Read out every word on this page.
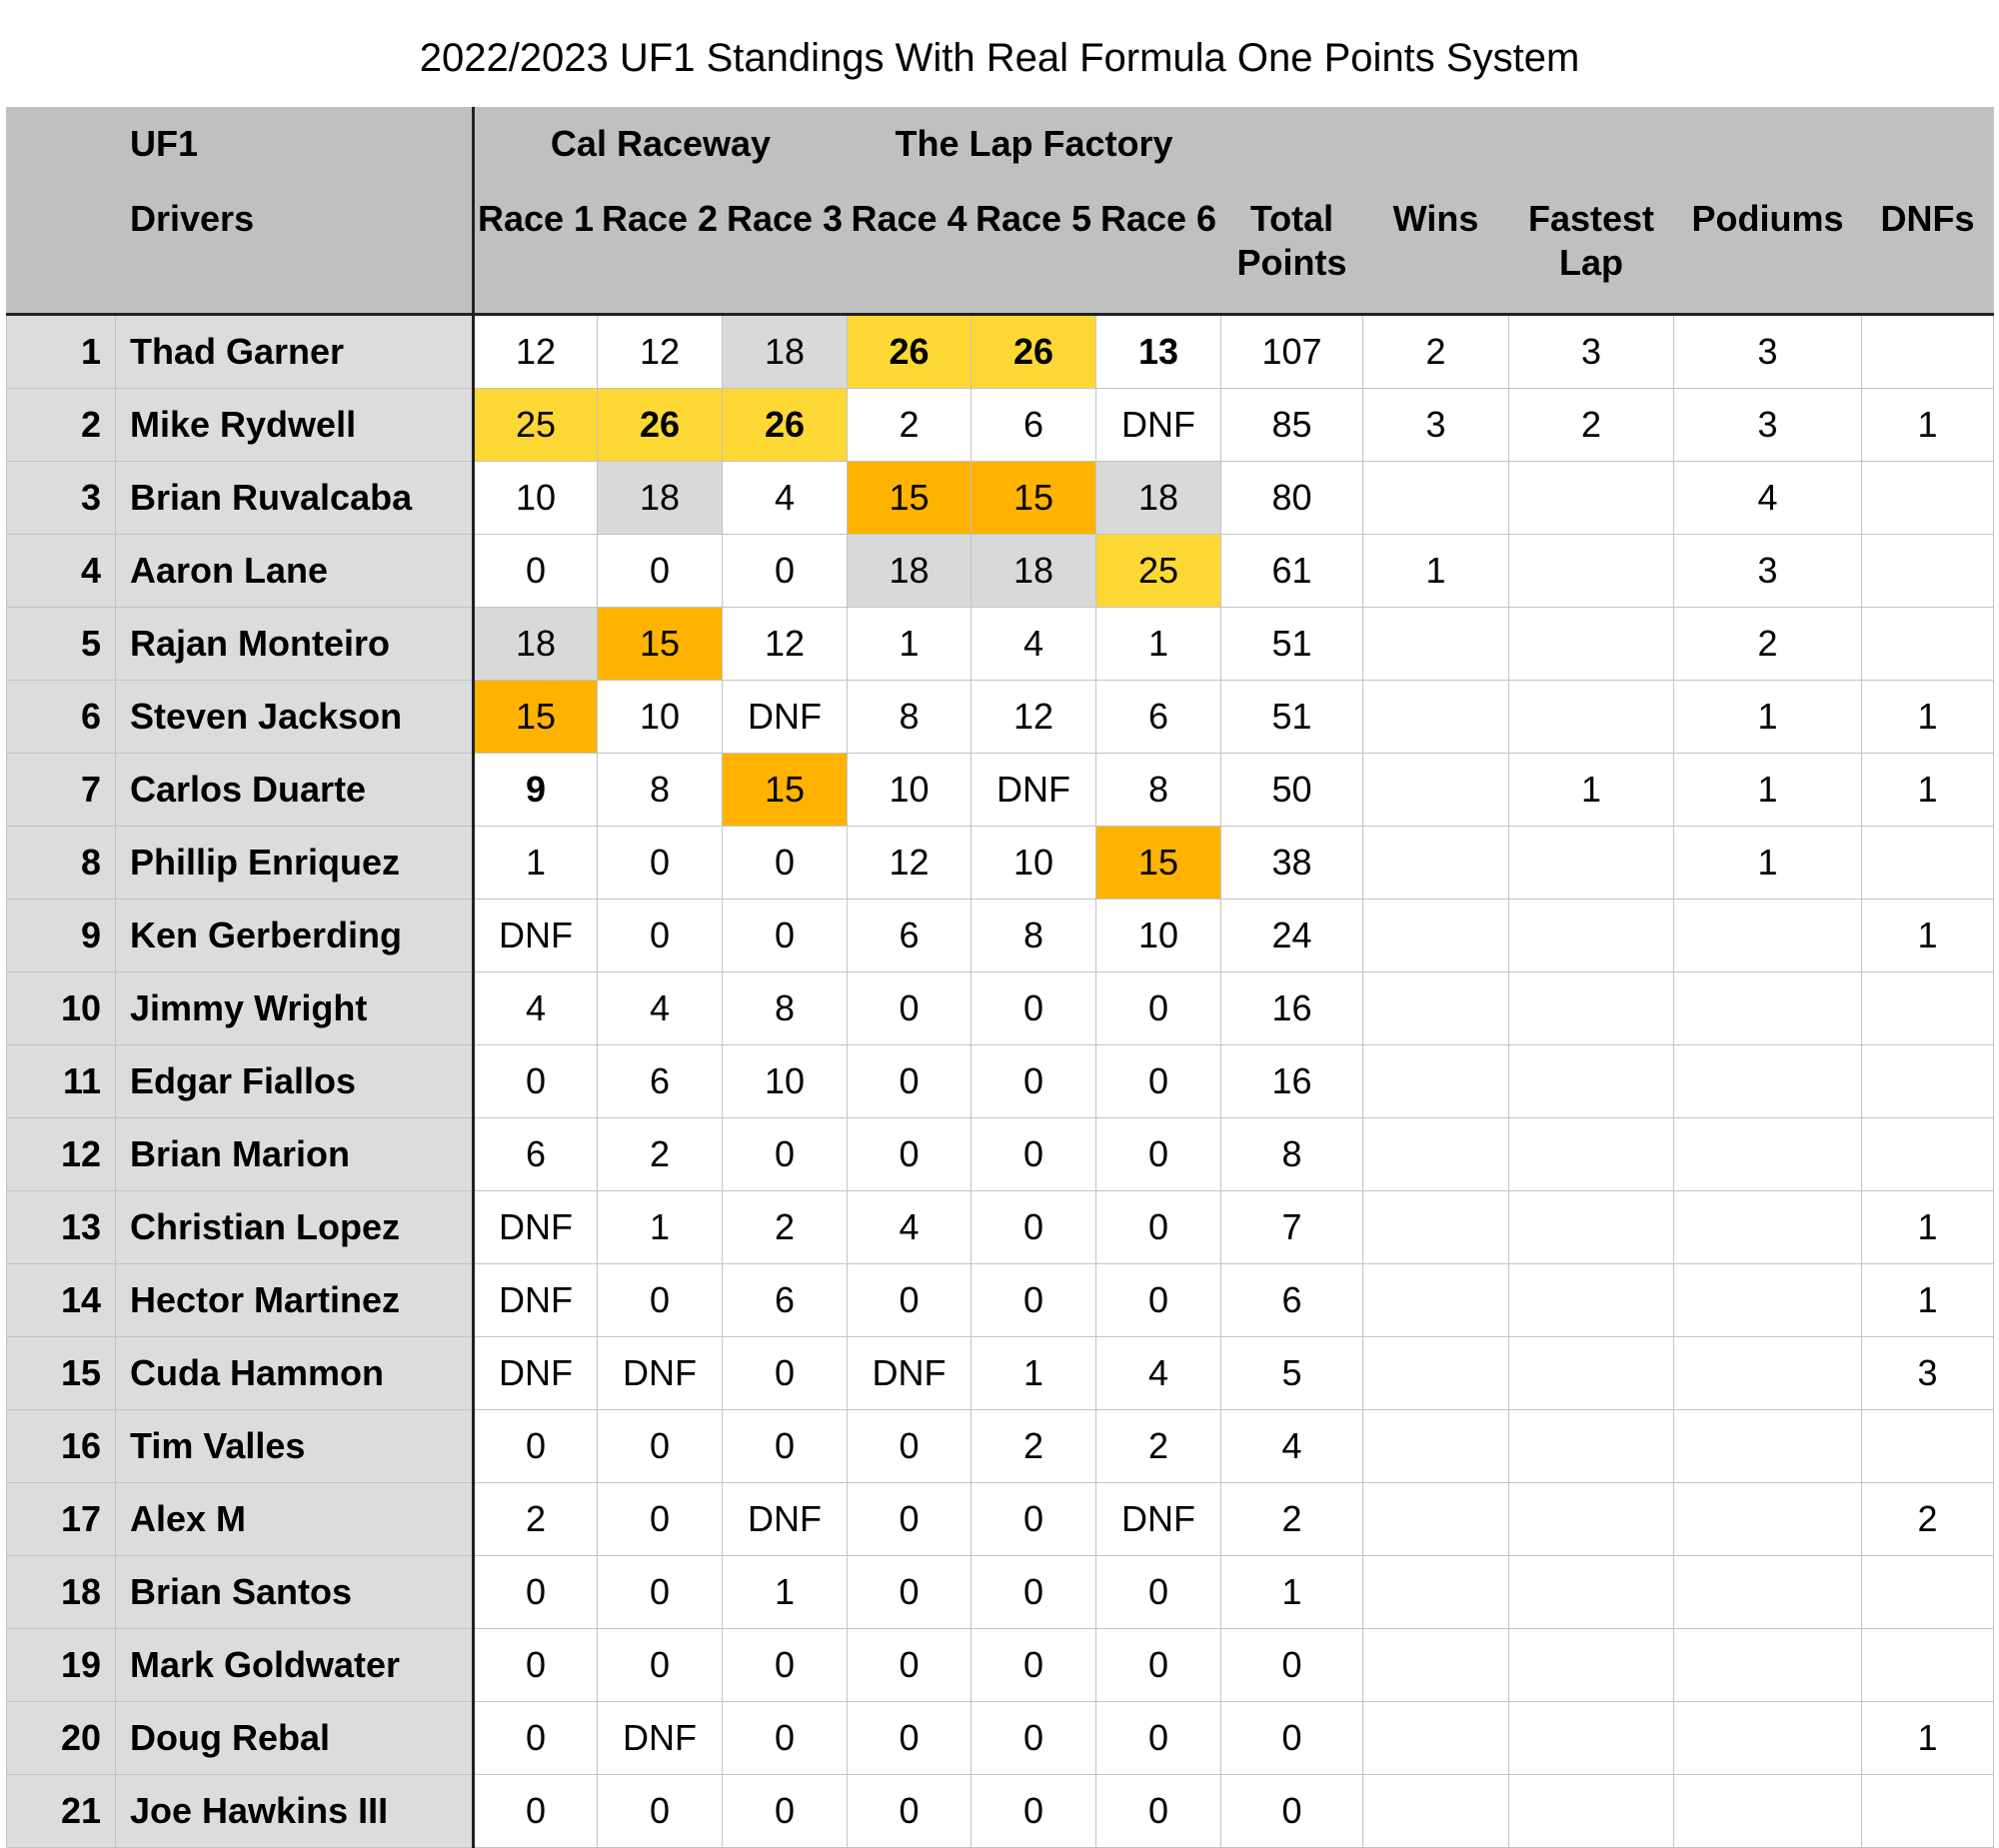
2022/2023 UF1 Standings With Real Formula One Points System
	UF1	Cal Raceway			The Lap Factory							
	Drivers	Race 1	Race 2	Race 3	Race 4	Race 5	Race 6	Total Points	Wins	Fastest Lap	Podiums	DNFs
1	Thad Garner	12	12	18	26	26	13	107	2	3	3	
2	Mike Rydwell	25	26	26	2	6	DNF	85	3	2	3	1
3	Brian Ruvalcaba	10	18	4	15	15	18	80			4	
4	Aaron Lane	0	0	0	18	18	25	61	1		3	
5	Rajan Monteiro	18	15	12	1	4	1	51			2	
6	Steven Jackson	15	10	DNF	8	12	6	51			1	1
7	Carlos Duarte	9	8	15	10	DNF	8	50		1	1	1
8	Phillip Enriquez	1	0	0	12	10	15	38			1	
9	Ken Gerberding	DNF	0	0	6	8	10	24				1
10	Jimmy Wright	4	4	8	0	0	0	16				
11	Edgar Fiallos	0	6	10	0	0	0	16				
12	Brian Marion	6	2	0	0	0	0	8				
13	Christian Lopez	DNF	1	2	4	0	0	7				1
14	Hector Martinez	DNF	0	6	0	0	0	6				1
15	Cuda Hammon	DNF	DNF	0	DNF	1	4	5				3
16	Tim Valles	0	0	0	0	2	2	4				
17	Alex M	2	0	DNF	0	0	DNF	2				2
18	Brian Santos	0	0	1	0	0	0	1				
19	Mark Goldwater	0	0	0	0	0	0	0				
20	Doug Rebal	0	DNF	0	0	0	0	0				1
21	Joe Hawkins III	0	0	0	0	0	0	0				
